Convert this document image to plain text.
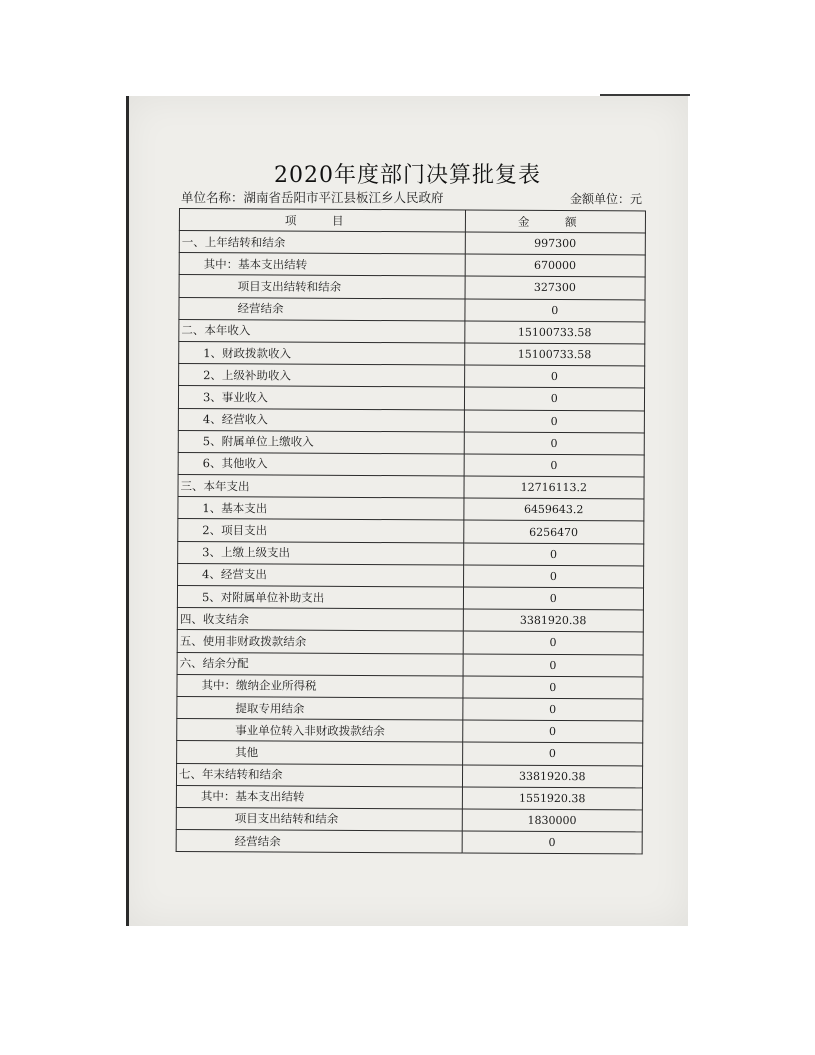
2020年度部门决算批复表
单位名称：湖南省岳阳市平江县板江乡人民政府	金额单位：元
项 目	金 额
一、上年结转和结余	997300
其中：基本支出结转	670000
项目支出结转和结余	327300
经营结余	0
二、本年收入	15100733.58
1、财政拨款收入	15100733.58
2、上级补助收入	0
3、事业收入	0
4、经营收入	0
5、附属单位上缴收入	0
6、其他收入	0
三、本年支出	12716113.2
1、基本支出	6459643.2
2、项目支出	6256470
3、上缴上级支出	0
4、经营支出	0
5、对附属单位补助支出	0
四、收支结余	3381920.38
五、使用非财政拨款结余	0
六、结余分配	0
其中：缴纳企业所得税	0
提取专用结余	0
事业单位转入非财政拨款结余	0
其他	0
七、年末结转和结余	3381920.38
其中：基本支出结转	1551920.38
项目支出结转和结余	1830000
经营结余	0
